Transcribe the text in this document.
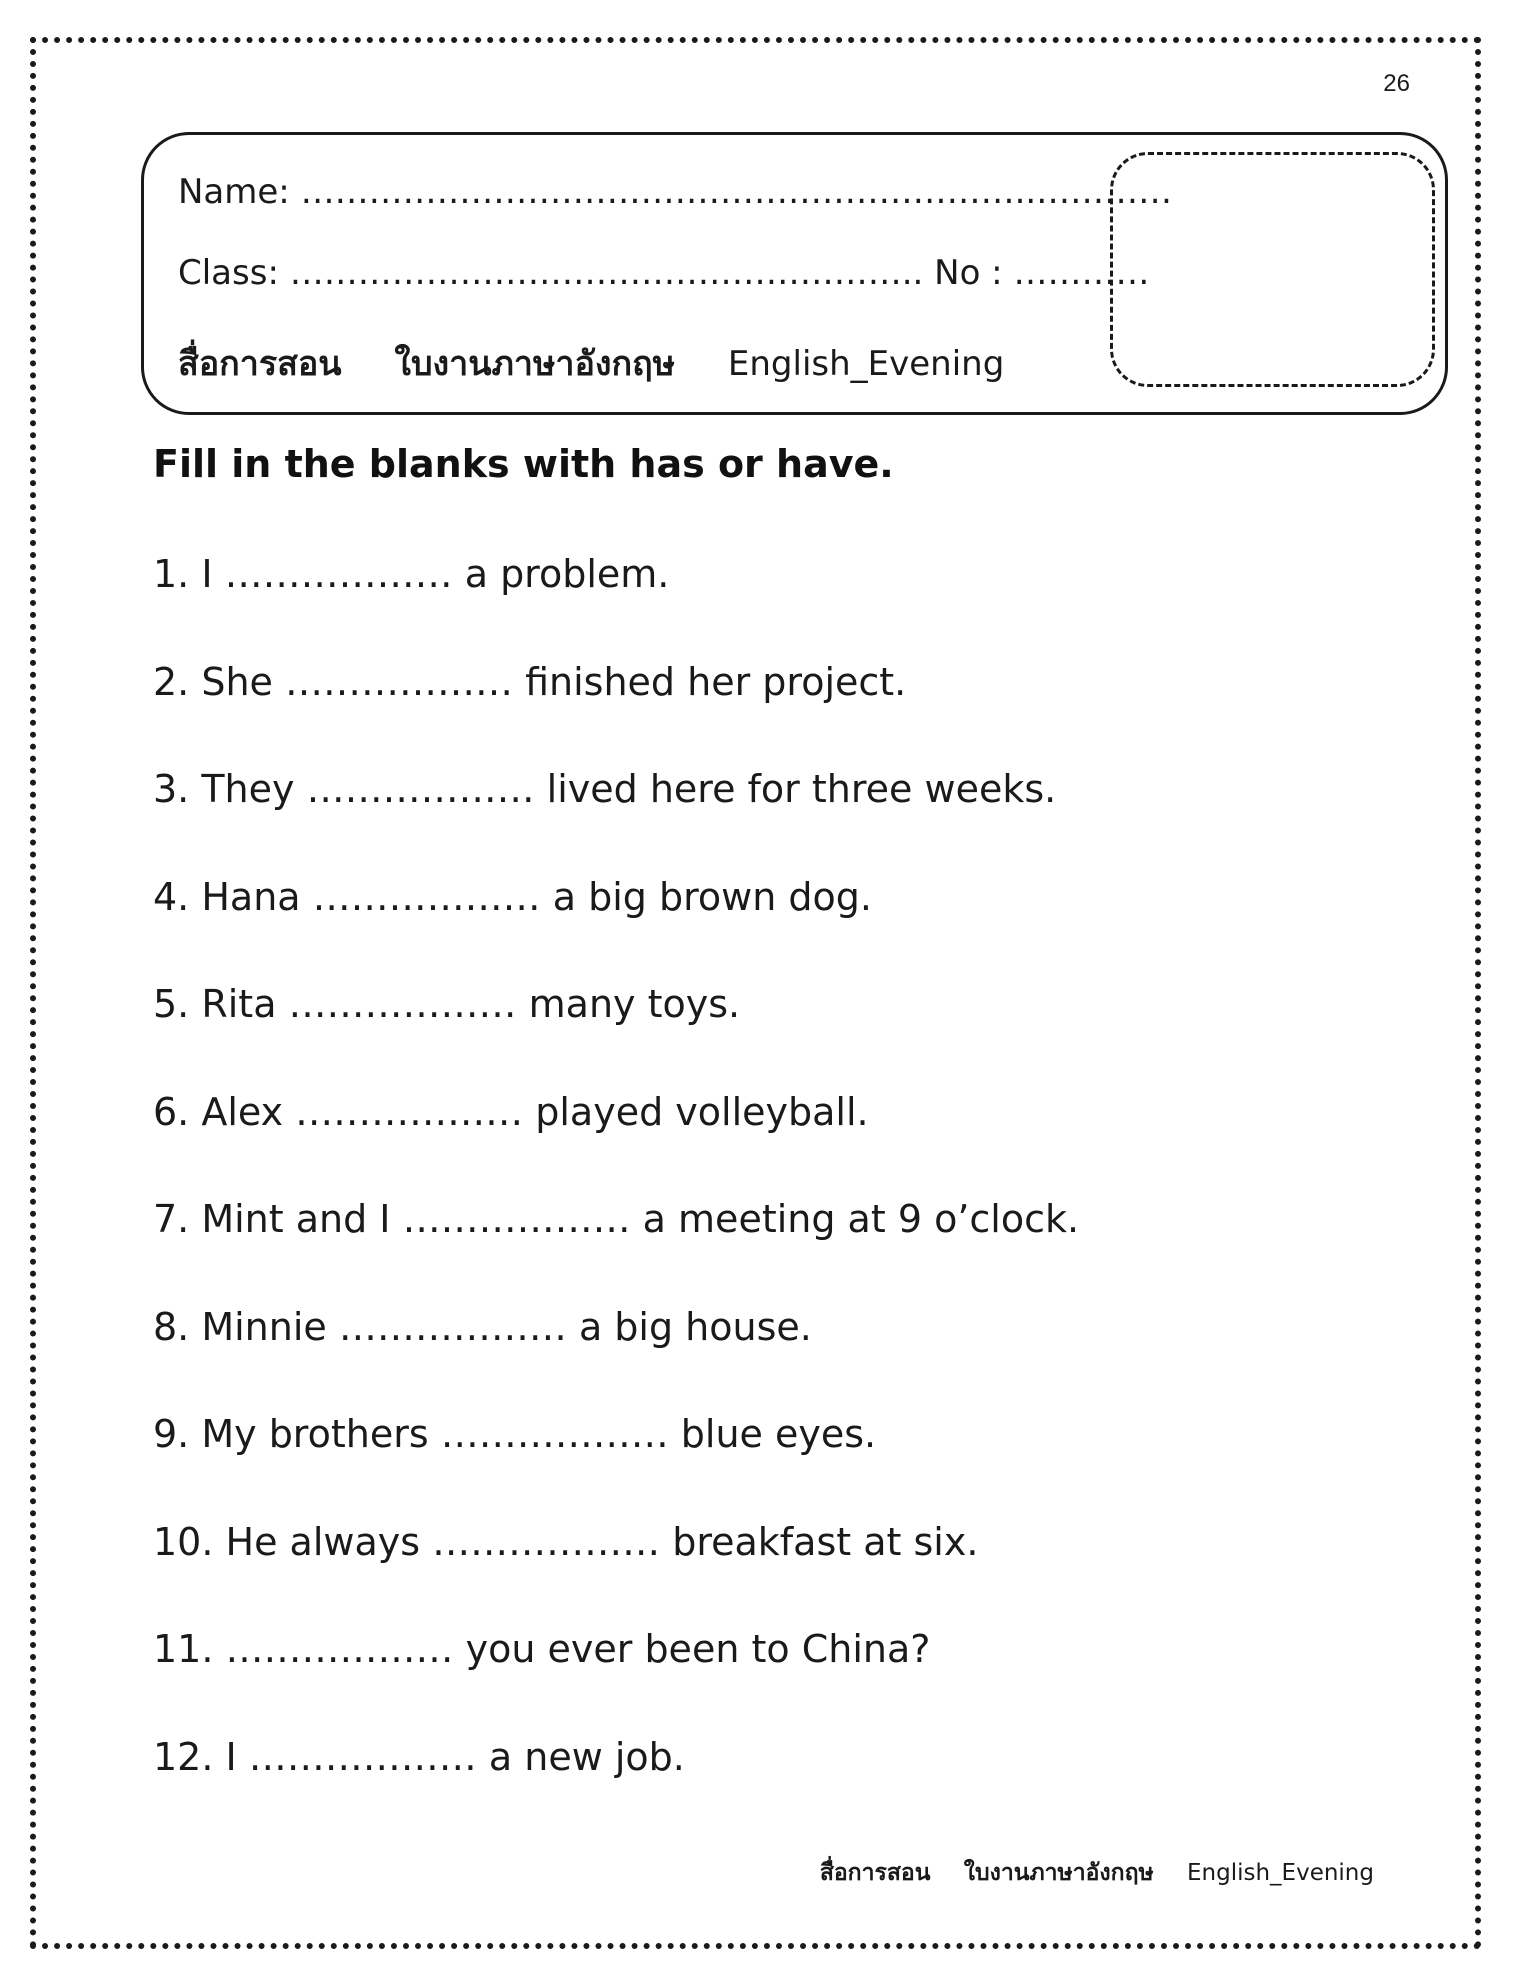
26
Name: ………………………………………………………..…………
Class: ……………………………………………….. No : …………
สื่อการสอน ใบงานภาษาอังกฤษ English_Evening
Fill in the blanks with has or have.
1. I ……………… a problem.
2. She ……………… finished her project.
3. They ……………… lived here for three weeks.
4. Hana ……………… a big brown dog.
5. Rita ……………… many toys.
6. Alex ……………… played volleyball.
7. Mint and I ……………… a meeting at 9 o’clock.
8. Minnie ……………… a big house.
9. My brothers ……………… blue eyes.
10. He always ……………… breakfast at six.
11. ……………… you ever been to China?
12. I ……………… a new job.
สื่อการสอน ใบงานภาษาอังกฤษ English_Evening
